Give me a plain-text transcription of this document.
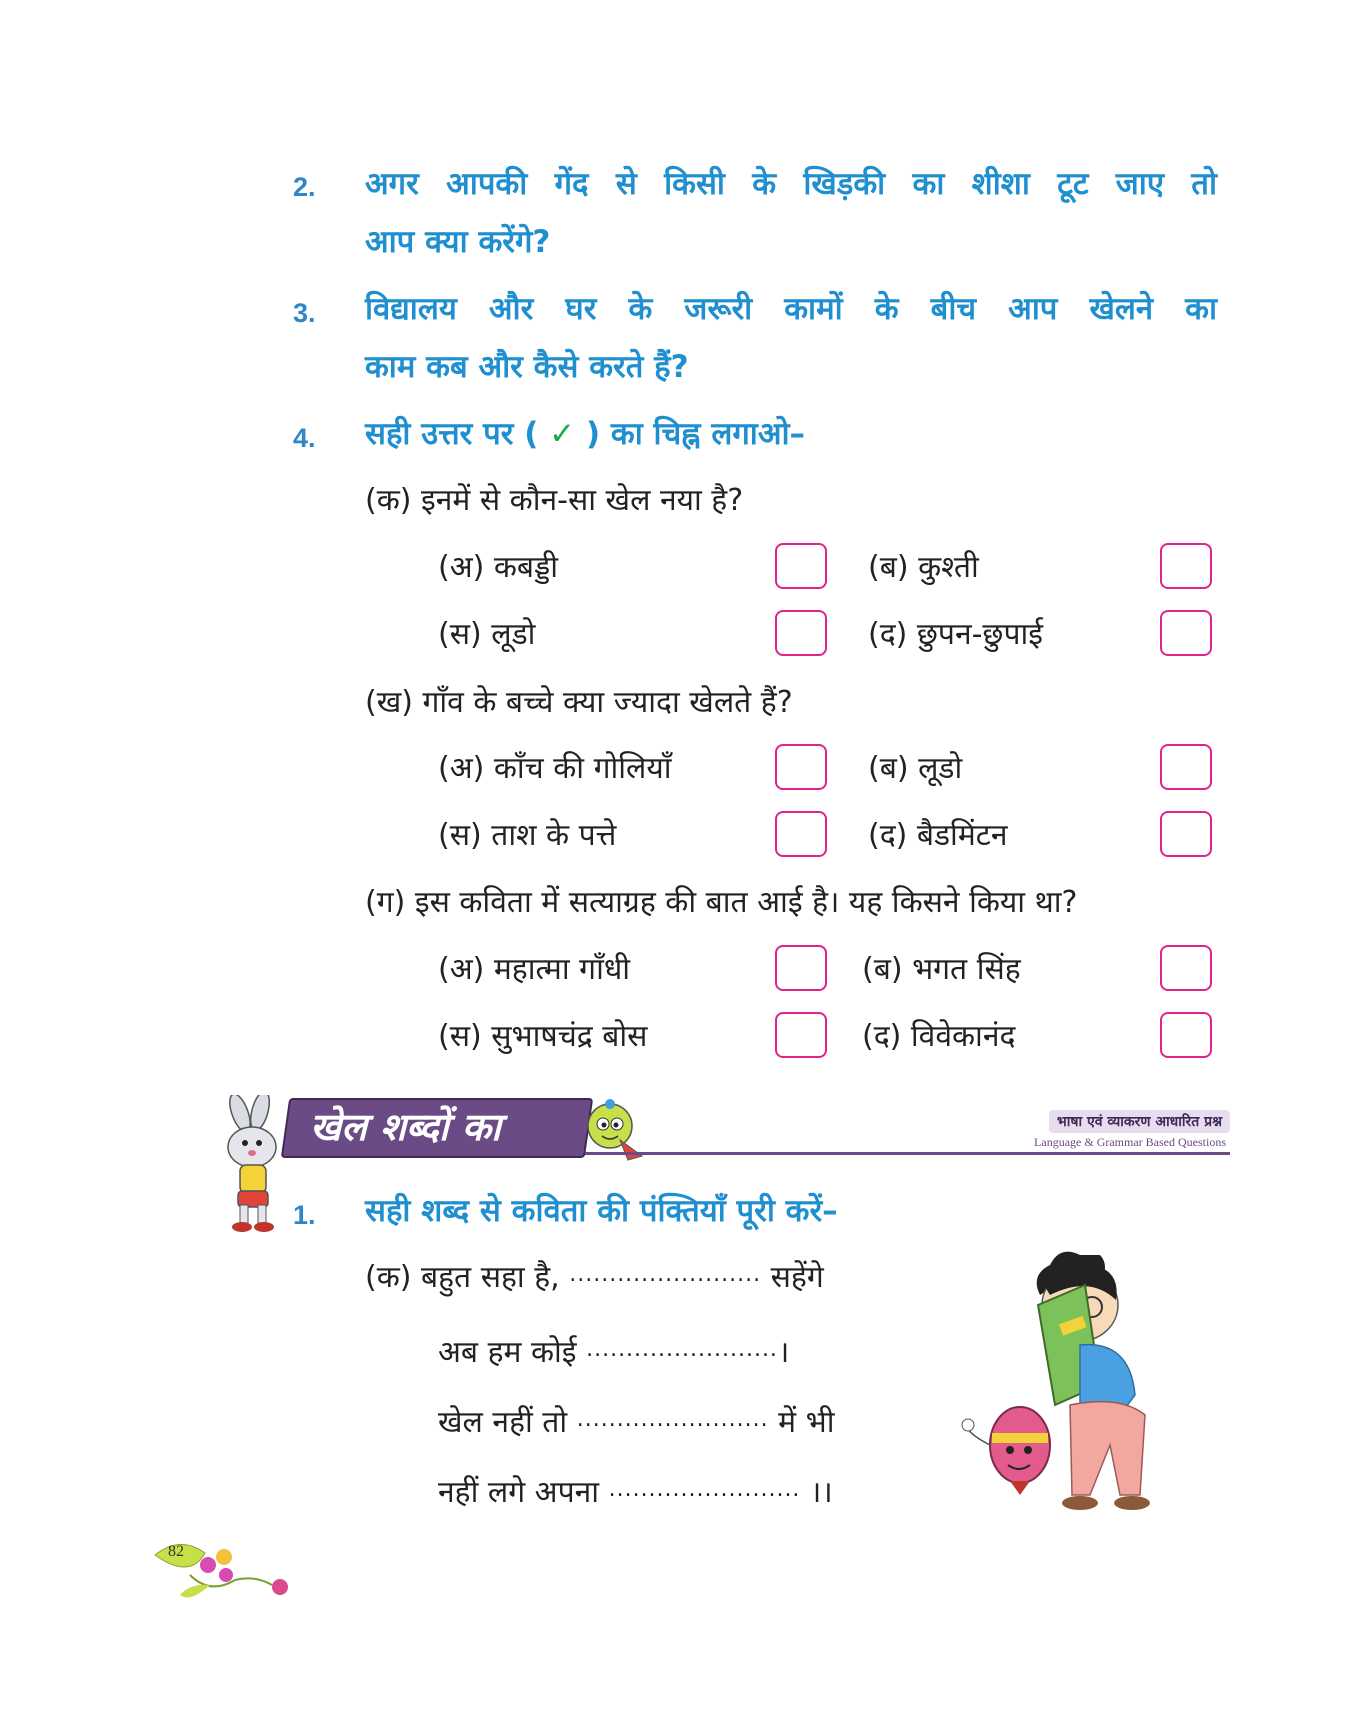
2. अगर आपकी गेंद से किसी के खिड़की का शीशा टूट जाए तो

आप क्या करेंगे?
3. विद्यालय और घर के जरूरी कामों के बीच आप खेलने का

काम कब और कैसे करते हैं?
4. सही उत्तर पर ( ✓ ) का चिह्न लगाओ–
(क) इनमें से कौन-सा खेल नया है?
(अ) कबड्डी	(ब) कुश्ती
(स) लूडो	(द) छुपन-छुपाई
(ख) गाँव के बच्चे क्या ज्यादा खेलते हैं?
(अ) काँच की गोलियाँ	(ब) लूडो
(स) ताश के पत्ते	(द) बैडमिंटन
(ग) इस कविता में सत्याग्रह की बात आई है। यह किसने किया था?
(अ) महात्मा गाँधी	(ब) भगत सिंह
(स) सुभाषचंद्र बोस	(द) विवेकानंद
खेल शब्दों का	भाषा एवं व्याकरण आधारित प्रश्न
Language & Grammar Based Questions
1. सही शब्द से कविता की पंक्तियाँ पूरी करें–
(क) बहुत सहा है, ........................ सहेंगे
अब हम कोई ........................।
खेल नहीं तो ........................ में भी
नहीं लगे अपना ........................ ।।
82
